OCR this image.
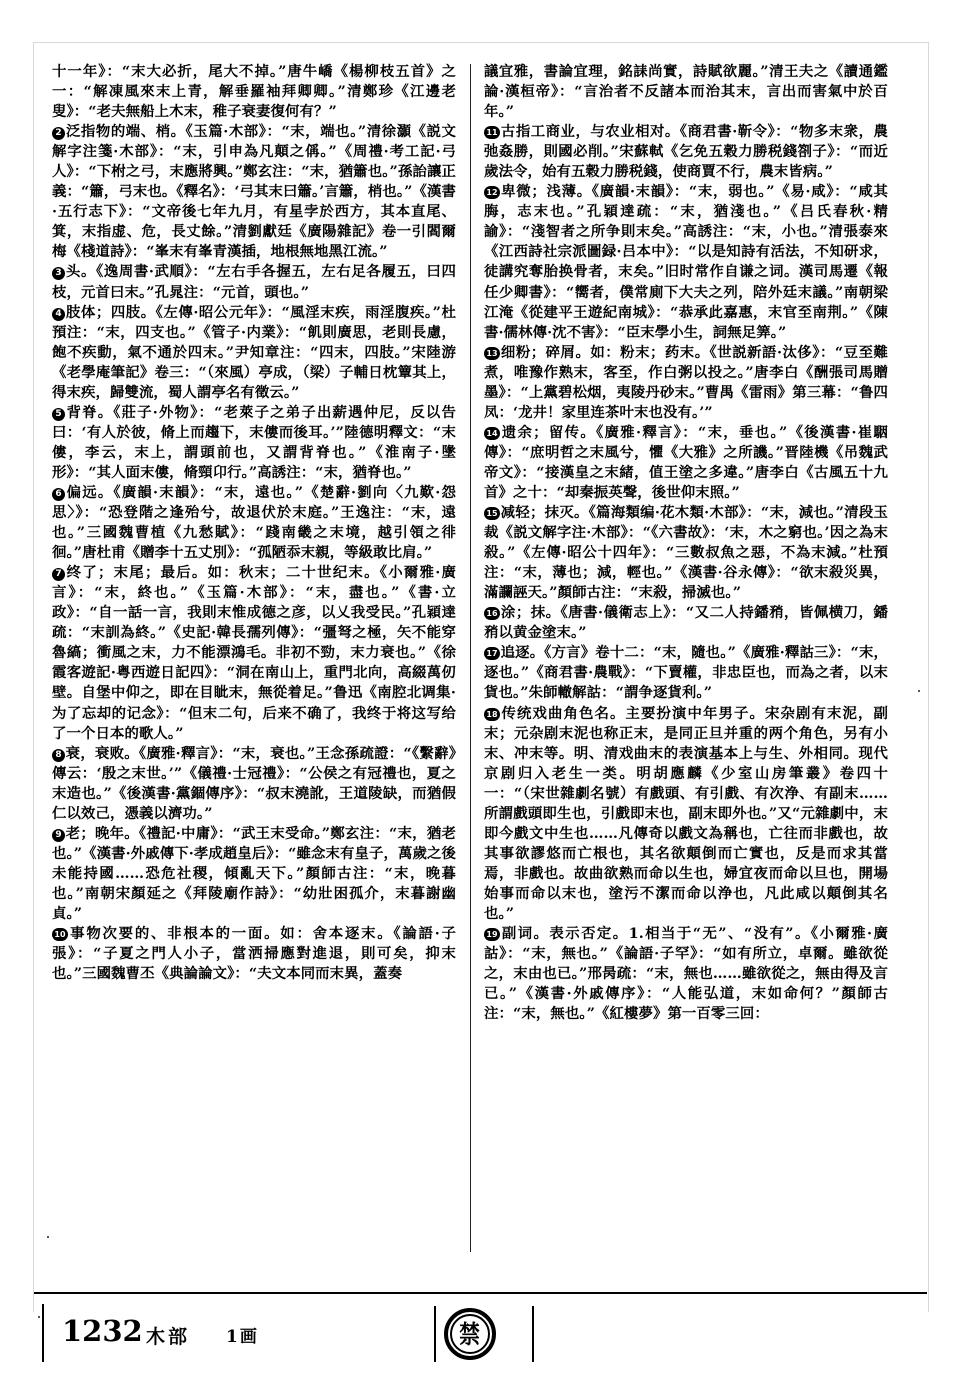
十一年》：“末大必折，尾大不掉。”唐牛嶠《楊柳枝五首》之一：“解凍風來末上青，解垂羅袖拜卿卿。”清鄭珍《江邊老叟》：“老夫無船上木末，稚子衰妻復何有？”

2 泛指物的端、梢。《玉篇·木部》：“末，端也。”清徐灝《説文解字注箋·木部》：“末，引申為凡顛之偁。”《周禮·考工記·弓人》：“下柎之弓，末應將興。”鄭玄注：“末，猶簫也。”孫詒讓正義：“簫，弓末也。《釋名》：‘弓其末曰簫。’言簫，梢也。”《漢書·五行志下》：“文帝後七年九月，有星孛於西方，其本直尾、箕，末指虚、危，長丈餘。”清劉獻廷《廣陽雜記》卷一引閻爾梅《棧道詩》：“峯末有峯青漢插，地根無地黑江流。”

3 头。《逸周書·武順》：“左右手各握五，左右足各履五，曰四枝，元首曰末。”孔晁注：“元首，頭也。”

4 肢体；四肢。《左傳·昭公元年》：“風淫末疾，雨淫腹疾。”杜預注：“末，四支也。”《管子·内業》：“飢則廣思，老則長慮，飽不疾動，氣不通於四末。”尹知章注：“四末，四肢。”宋陸游《老學庵筆記》卷三：“（來風）亭成，（梁）子輔日枕簟其上，得末疾，歸雙流，蜀人謂亭名有徵云。”

5 背脊。《莊子·外物》：“老萊子之弟子出薪遇仲尼，反以告曰：‘有人於彼，脩上而趨下，末僂而後耳。’”陸德明釋文：“末僂，李云，末上，謂頭前也，又謂背脊也。”《淮南子·墬形》：“其人面末僂，脩頸卬行。”高誘注：“末，猶脊也。”

6 偏远。《廣韻·末韻》：“末，遠也。”《楚辭·劉向〈九歎·怨思〉》：“恐登階之逢殆兮，故退伏於末庭。”王逸注：“末，遠也。”三國魏曹植《九愁賦》：“踐南畿之末境，越引領之徘徊。”唐杜甫《贈李十五丈別》：“孤陋忝末親，等級敢比肩。”

7 终了；末尾；最后。如：秋末；二十世纪末。《小爾雅·廣言》：“末，終也。”《玉篇·木部》：“末，盡也。”《書·立政》：“自一話一言，我則末惟成德之彦，以乂我受民。”孔穎達疏：“末訓為終。”《史記·韓長孺列傳》：“彊弩之極，矢不能穿魯縞；衝風之末，力不能漂鴻毛。非初不勁，末力衰也。”《徐霞客遊記·粤西遊日記四》：“洞在南山上，重門北向，高綴萬仞壁。自堡中仰之，即在目眦末，無從着足。”鲁迅《南腔北调集·为了忘却的记念》：“但末二句，后来不确了，我终于将这写给了一个日本的歌人。”

8 衰，衰败。《廣雅·釋言》：“末，衰也。”王念孫疏證：“《繫辭》傳云：‘殷之末世。’”《儀禮·士冠禮》：“公侯之有冠禮也，夏之末造也。”《後漢書·黨錮傳序》：“叔末澆訛，王道陵缺，而猶假仁以效己，憑義以濟功。”

9 老；晚年。《禮記·中庸》：“武王末受命。”鄭玄注：“末，猶老也。”《漢書·外戚傳下·孝成趙皇后》：“雖念末有皇子，萬歲之後未能持國……恐危社稷，傾亂天下。”顏師古注：“末，晚暮也。”南朝宋顏延之《拜陵廟作詩》：“幼壯困孤介，末暮謝幽貞。”

10 事物次要的、非根本的一面。如：舍本逐末。《論語·子張》：“子夏之門人小子，當洒掃應對進退，則可矣，抑末也。”三國魏曹丕《典論論文》：“夫文本同而末異，蓋奏

議宜雅，書論宜理，銘誄尚實，詩賦欲麗。”清王夫之《讀通鑑論·漢桓帝》：“言治者不反諸本而治其末，言出而害氣中於百年。”

11 古指工商业，与农业相对。《商君書·靳令》：“物多末衆，農弛姦勝，則國必削。”宋蘇軾《乞免五穀力勝税錢劄子》：“而近歲法令，始有五穀力勝税錢，使商賈不行，農末皆病。”

12 卑微；浅薄。《廣韻·末韻》：“末，弱也。”《易·咸》：“咸其脢，志末也。”孔穎達疏：“末，猶淺也。”《吕氏春秋·精諭》：“淺智者之所争則末矣。”高誘注：“末，小也。”清張泰來《江西詩社宗派圖録·吕本中》：“以是知詩有活法，不知研求，徒講究奪胎换骨者，末矣。”旧时常作自谦之词。漢司馬遷《報任少卿書》：“嚮者，僕常廁下大夫之列，陪外廷末議。”南朝梁江淹《從建平王遊紀南城》：“恭承此嘉惠，末官至南荆。”《陳書·儒林傳·沈不害》：“臣末學小生，詞無足筭。”

13 细粉；碎屑。如：粉末；药末。《世説新語·汰侈》：“豆至難煮，唯豫作熟末，客至，作白粥以投之。”唐李白《酬張司馬贈墨》：“上黨碧松烟，夷陵丹砂末。”曹禺《雷雨》第三幕：“鲁四凤：‘龙井！家里连茶叶末也没有。’”

14 遗余；留传。《廣雅·釋言》：“末，垂也。”《後漢書·崔駰傳》：“庶明哲之末風兮，懼《大雅》之所譏。”晋陸機《吊魏武帝文》：“接漢皇之末緒，值王塗之多違。”唐李白《古風五十九首》之十：“却秦振英聲，後世仰末照。”

15 减轻；抹灭。《篇海類编·花木類·木部》：“末，減也。”清段玉裁《説文解字注·木部》：“《六書故》：‘末，木之窮也。’因之為末殺。”《左傳·昭公十四年》：“三數叔魚之惡，不為末減。”杜預注：“末，薄也；減，輕也。”《漢書·谷永傳》：“欲末殺災異，滿讕誣天。”顏師古注：“末殺，掃滅也。”

16 涂；抹。《唐書·儀衛志上》：“又二人持鐇矟，皆佩横刀，鐇矟以黄金塗末。”

17 追逐。《方言》卷十二：“末，隨也。”《廣雅·釋詁三》：“末，逐也。”《商君書·農戰》：“下賣權，非忠臣也，而為之者，以末貨也。”朱師轍解詁：“謂争逐貨利。”

18 传统戏曲角色名。主要扮演中年男子。宋杂剧有末泥，副末；元杂剧末泥也称正末，是同正旦并重的两个角色，另有小末、冲末等。明、清戏曲末的表演基本上与生、外相同。现代京剧归入老生一类。明胡應麟《少室山房筆叢》卷四十一：“（宋世雜劇名號）有戲頭、有引戲、有次浄、有副末……所謂戲頭即生也，引戲即末也，副末即外也。”又“元雜劇中，末即今戲文中生也……凡傳奇以戲文為稱也，亡往而非戲也，故其事欲謬悠而亡根也，其名欲顛倒而亡實也，反是而求其當焉，非戲也。故曲欲熟而命以生也，婦宜夜而命以旦也，開場始事而命以末也，塗污不潔而命以浄也，凡此咸以顛倒其名也。”

19 副词。表示否定。1.相当于“无”、“没有”。《小爾雅·廣詁》：“末，無也。”《論語·子罕》：“如有所立，卓爾。雖欲從之，末由也已。”邢昺疏：“末，無也……雖欲從之，無由得及言已。”《漢書·外戚傳序》：“人能弘道，末如命何？”顏師古注：“末，無也。”《紅樓夢》第一百零三回：

1232 木部 1画	禁
